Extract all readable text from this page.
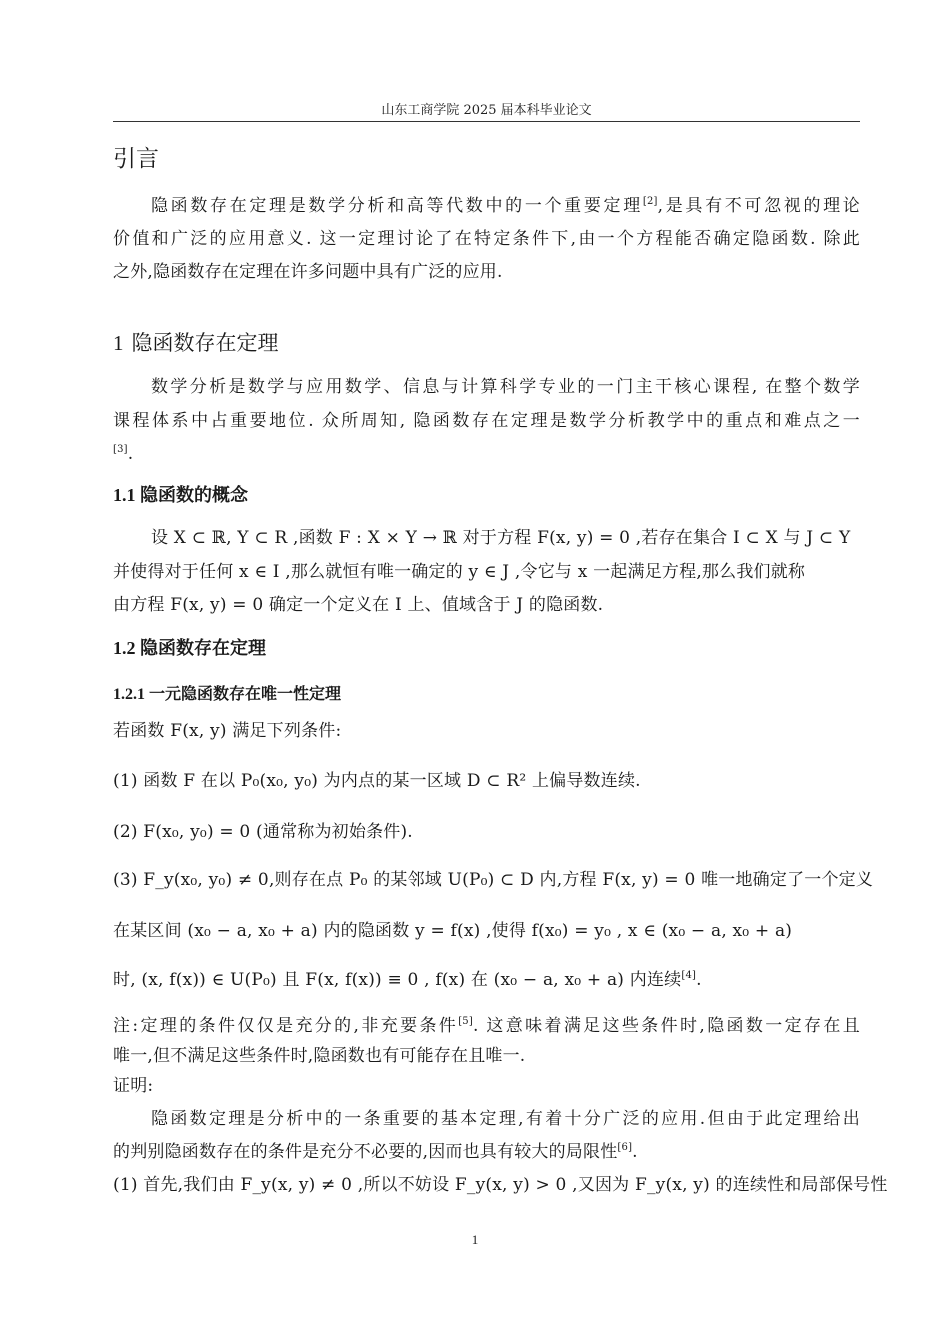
山东工商学院 2025 届本科毕业论文
引言
隐函数存在定理是数学分析和高等代数中的一个重要定理[2],是具有不可忽视的理论
价值和广泛的应用意义. 这一定理讨论了在特定条件下,由一个方程能否确定隐函数. 除此
之外,隐函数存在定理在许多问题中具有广泛的应用.
1 隐函数存在定理
数学分析是数学与应用数学、信息与计算科学专业的一门主干核心课程, 在整个数学
课程体系中占重要地位. 众所周知, 隐函数存在定理是数学分析教学中的重点和难点之一
[3].
1.1 隐函数的概念
设 X ⊂ ℝ, Y ⊂ R ,函数 F : X × Y → ℝ 对于方程 F(x, y) = 0 ,若存在集合 I ⊂ X 与 J ⊂ Y
并使得对于任何 x ∈ I ,那么就恒有唯一确定的 y ∈ J ,令它与 x 一起满足方程,那么我们就称
由方程 F(x, y) = 0 确定一个定义在 I 上、值域含于 J 的隐函数.
1.2 隐函数存在定理
1.2.1 一元隐函数存在唯一性定理
若函数 F(x, y) 满足下列条件:
(1) 函数 F 在以 P₀(x₀, y₀) 为内点的某一区域 D ⊂ R² 上偏导数连续.
(2) F(x₀, y₀) = 0 (通常称为初始条件).
(3) F_y(x₀, y₀) ≠ 0,则存在点 P₀ 的某邻域 U(P₀) ⊂ D 内,方程 F(x, y) = 0 唯一地确定了一个定义
在某区间 (x₀ − a, x₀ + a) 内的隐函数 y = f(x) ,使得 f(x₀) = y₀ , x ∈ (x₀ − a, x₀ + a)
时, (x, f(x)) ∈ U(P₀) 且 F(x, f(x)) ≡ 0 , f(x) 在 (x₀ − a, x₀ + a) 内连续[4].
注:定理的条件仅仅是充分的,非充要条件[5]. 这意味着满足这些条件时,隐函数一定存在且
唯一,但不满足这些条件时,隐函数也有可能存在且唯一.
证明:
隐函数定理是分析中的一条重要的基本定理,有着十分广泛的应用.但由于此定理给出
的判别隐函数存在的条件是充分不必要的,因而也具有较大的局限性[6].
(1) 首先,我们由 F_y(x, y) ≠ 0 ,所以不妨设 F_y(x, y) > 0 ,又因为 F_y(x, y) 的连续性和局部保号性
1
